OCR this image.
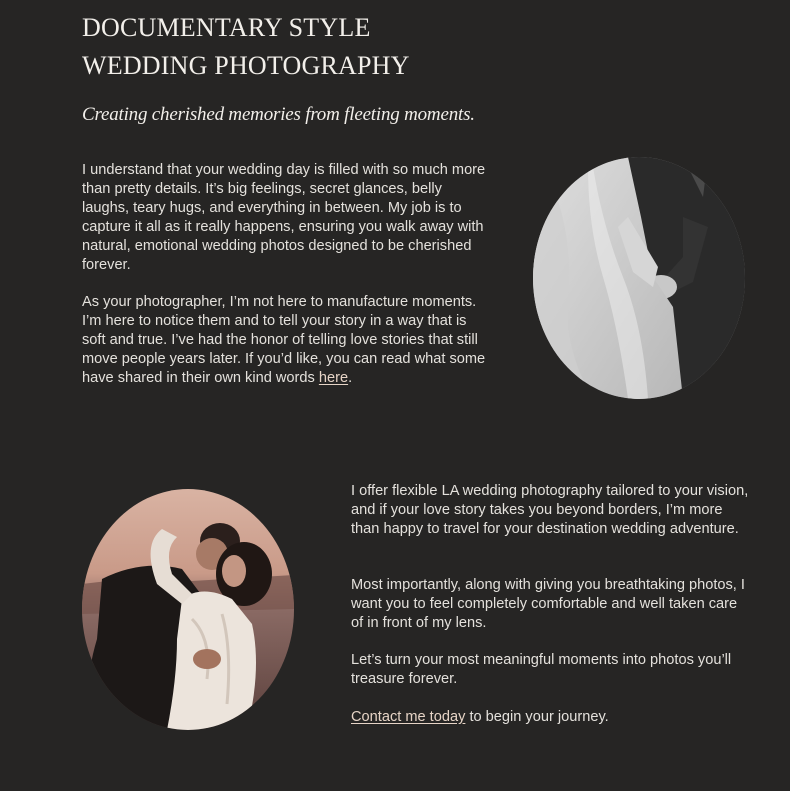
DOCUMENTARY STYLE
WEDDING PHOTOGRAPHY
Creating cherished memories from fleeting moments.

I understand that your wedding day is filled with so much more than pretty details. It’s big feelings, secret glances, belly laughs, teary hugs, and everything in between. My job is to capture it all as it really happens, ensuring you walk away with natural, emotional wedding photos designed to be cherished forever.

As your photographer, I’m not here to manufacture moments. I’m here to notice them and to tell your story in a way that is soft and true. I’ve had the honor of telling love stories that still move people years later. If you’d like, you can read what some have shared in their own kind words here.

I offer flexible LA wedding photography tailored to your vision, and if your love story takes you beyond borders, I’m more than happy to travel for your destination wedding adventure.

Most importantly, along with giving you breathtaking photos, I want you to feel completely comfortable and well taken care of in front of my lens.

Let’s turn your most meaningful moments into photos you’ll treasure forever.

Contact me today to begin your journey.
